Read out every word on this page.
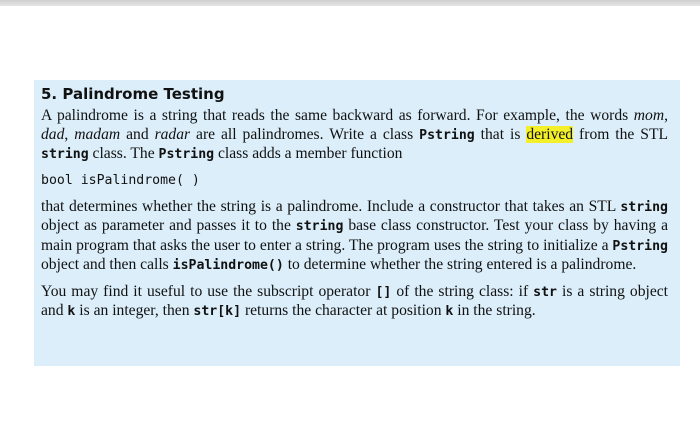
5. Palindrome Testing

A palindrome is a string that reads the same backward as forward. For example, the words mom, dad, madam and radar are all palindromes. Write a class Pstring that is derived from the STL string class. The Pstring class adds a member function

bool isPalindrome( )

that determines whether the string is a palindrome. Include a constructor that takes an STL string object as parameter and passes it to the string base class constructor. Test your class by having a main program that asks the user to enter a string. The program uses the string to initialize a Pstring object and then calls isPalindrome() to determine whether the string entered is a palindrome.

You may find it useful to use the subscript operator [] of the string class: if str is a string object and k is an integer, then str[k] returns the character at position k in the string.
